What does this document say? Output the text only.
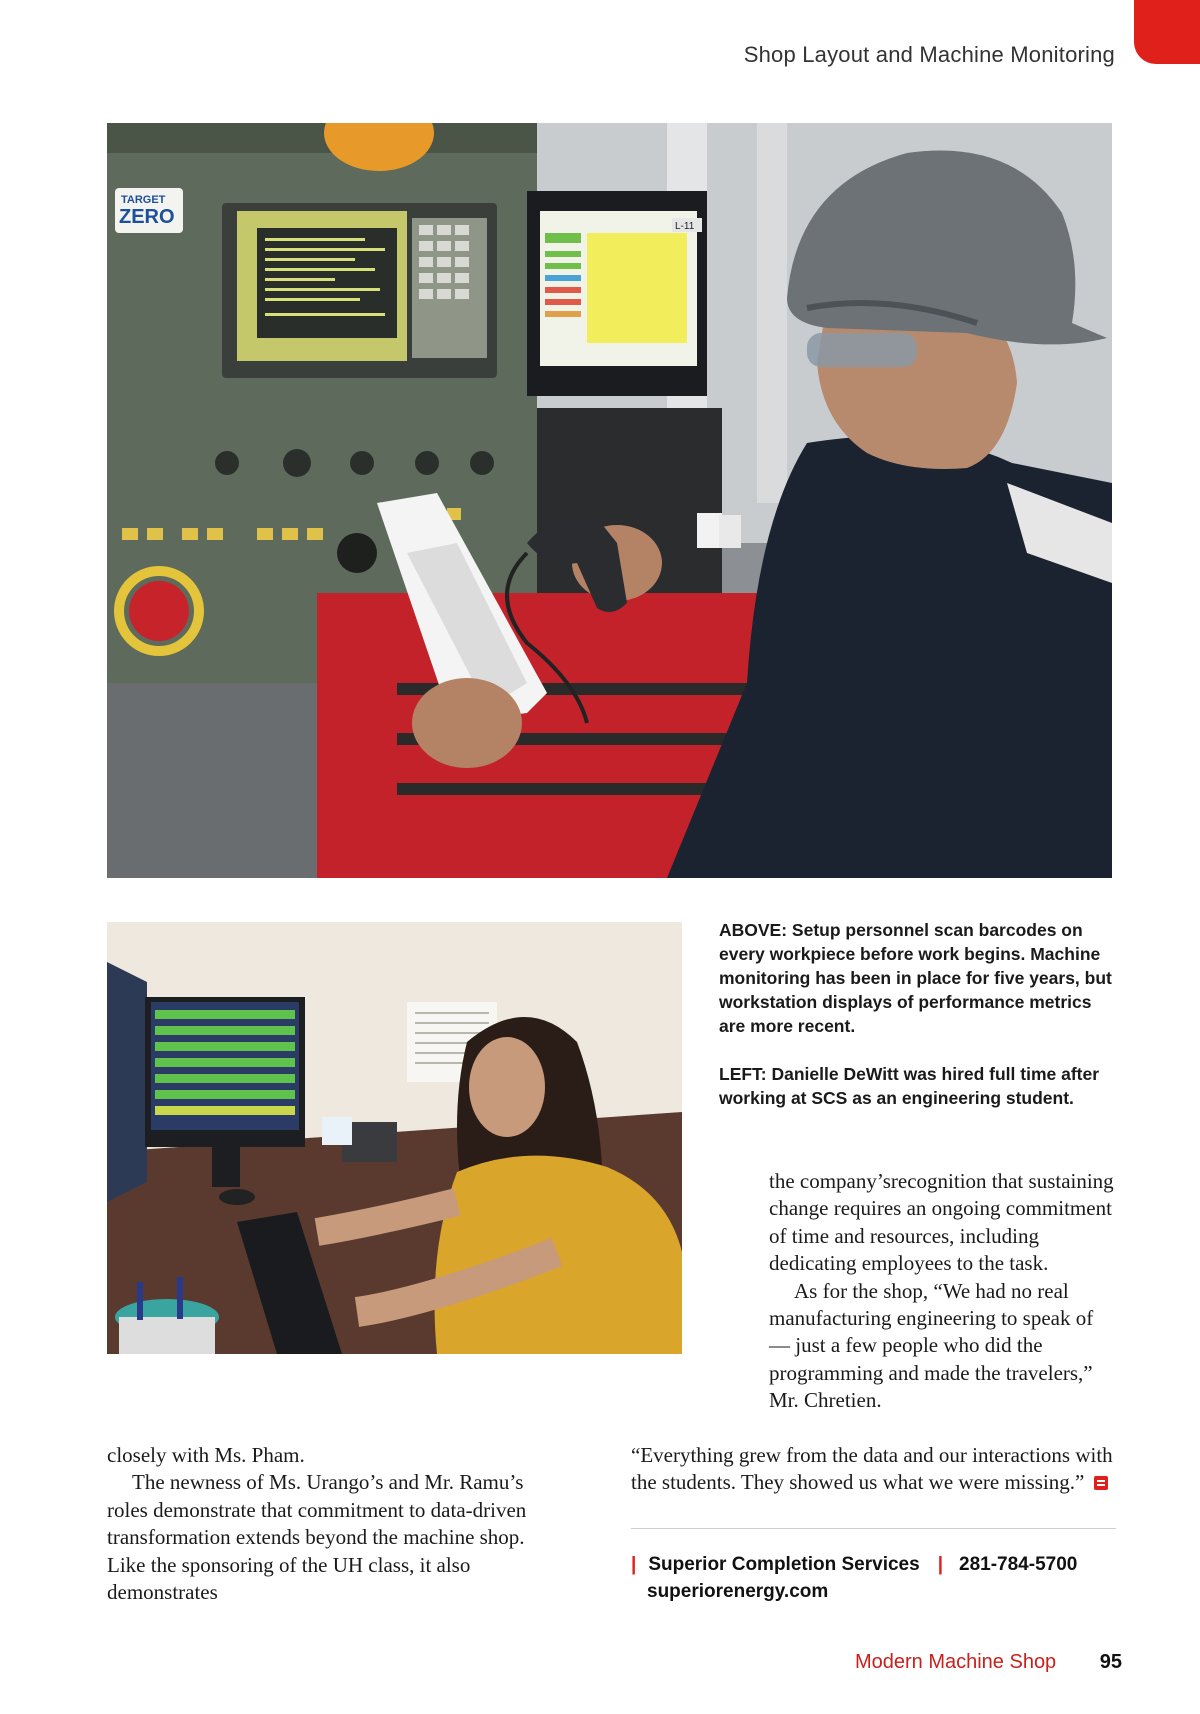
Shop Layout and Machine Monitoring
TARGET
ZERO	L-11

ABOVE: Setup personnel scan barcodes on every workpiece before work begins. Machine monitoring has been in place for five years, but workstation displays of performance metrics are more recent.

LEFT: Danielle DeWitt was hired full time after working at SCS as an engineering student.

the company’srecognition that sustaining change requires an ongoing commitment of time and resources, including dedicating employees to the task.

As for the shop, “We had no real manufacturing engineering to speak of — just a few people who did the programming and made the travelers,” Mr. Chretien.

“Everything grew from the data and our interactions with the students. They showed us what we were missing.”

closely with Ms. Pham.

The newness of Ms. Urango’s and Mr. Ramu’s roles demonstrate that commitment to data-driven transformation extends beyond the machine shop. Like the sponsoring of the UH class, it also demonstrates

| Superior Completion Services | 281-784-5700
superiorenergy.com
Modern Machine Shop 95
